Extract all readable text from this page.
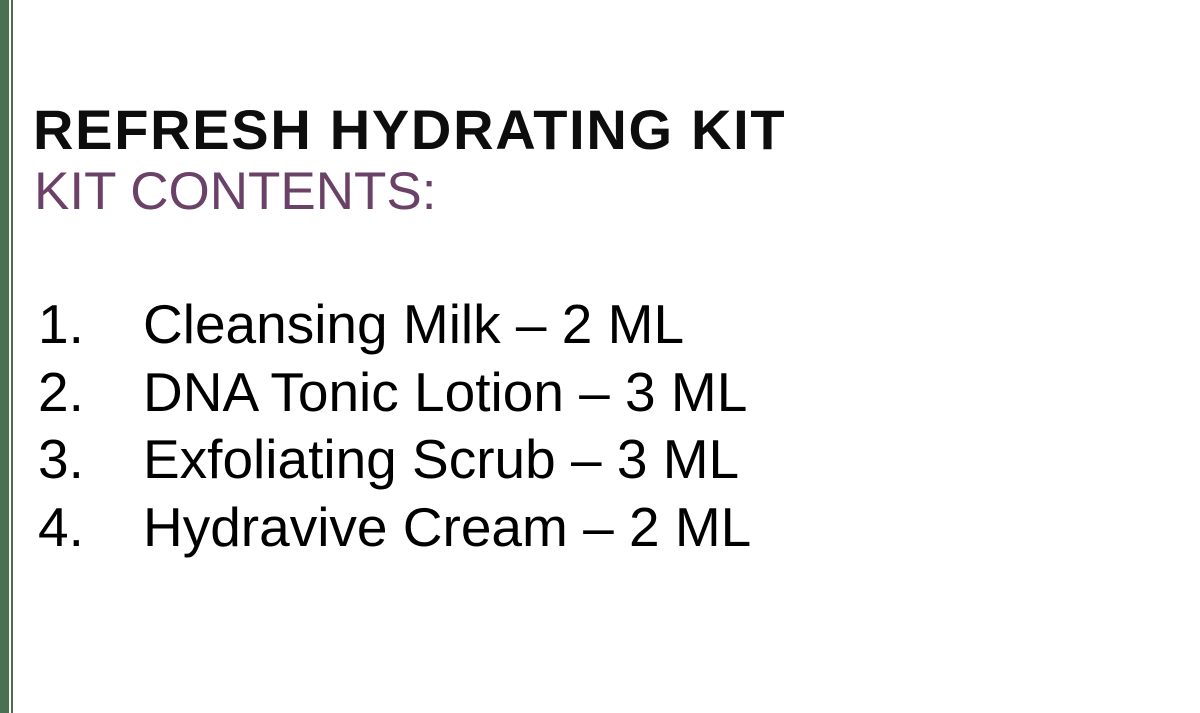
REFRESH HYDRATING KIT
KIT CONTENTS:
1.	Cleansing Milk – 2 ML
2.	DNA Tonic Lotion – 3 ML
3.	Exfoliating Scrub – 3 ML
4.	Hydravive Cream – 2 ML
